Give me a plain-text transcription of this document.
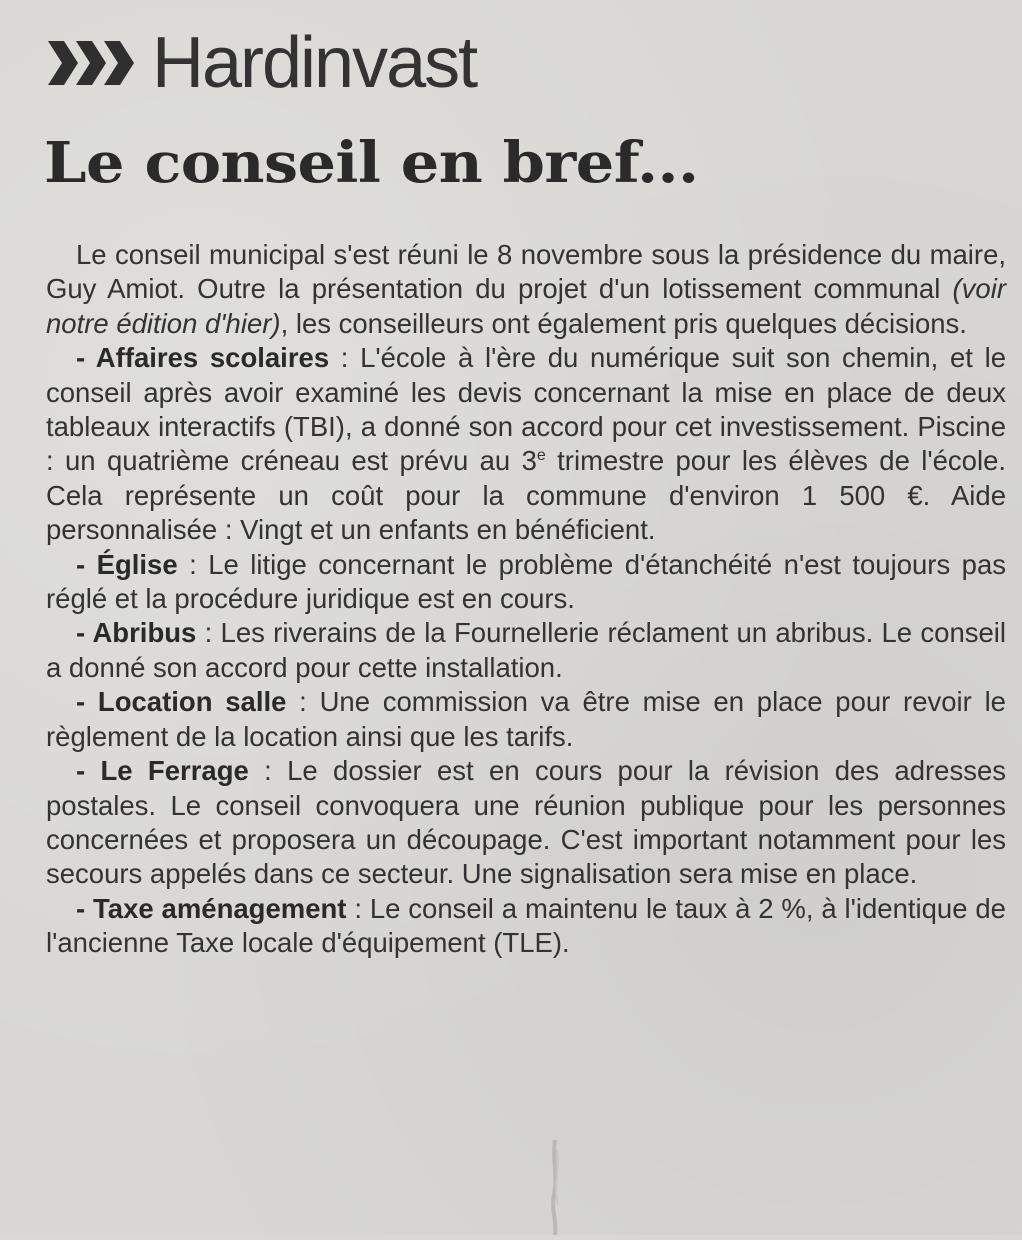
Hardinvast
Le conseil en bref...

Le conseil municipal s'est réuni le 8 novembre sous la présidence du maire, Guy Amiot. Outre la présentation du projet d'un lotissement communal (voir notre édition d'hier), les conseilleurs ont également pris quelques décisions.

- Affaires scolaires : L'école à l'ère du numérique suit son chemin, et le conseil après avoir examiné les devis concernant la mise en place de deux tableaux interactifs (TBI), a donné son accord pour cet investissement. Piscine : un quatrième créneau est prévu au 3e trimestre pour les élèves de l'école. Cela représente un coût pour la commune d'environ 1 500 €. Aide personnalisée : Vingt et un enfants en bénéficient.

- Église : Le litige concernant le problème d'étanchéité n'est toujours pas réglé et la procédure juridique est en cours.

- Abribus : Les riverains de la Fournellerie réclament un abribus. Le conseil a donné son accord pour cette installation.

- Location salle : Une commission va être mise en place pour revoir le règlement de la location ainsi que les tarifs.

- Le Ferrage : Le dossier est en cours pour la révision des adresses postales. Le conseil convoquera une réunion publique pour les personnes concernées et proposera un découpage. C'est important notamment pour les secours appelés dans ce secteur. Une signalisation sera mise en place.

- Taxe aménagement : Le conseil a maintenu le taux à 2 %, à l'identique de l'ancienne Taxe locale d'équipement (TLE).
